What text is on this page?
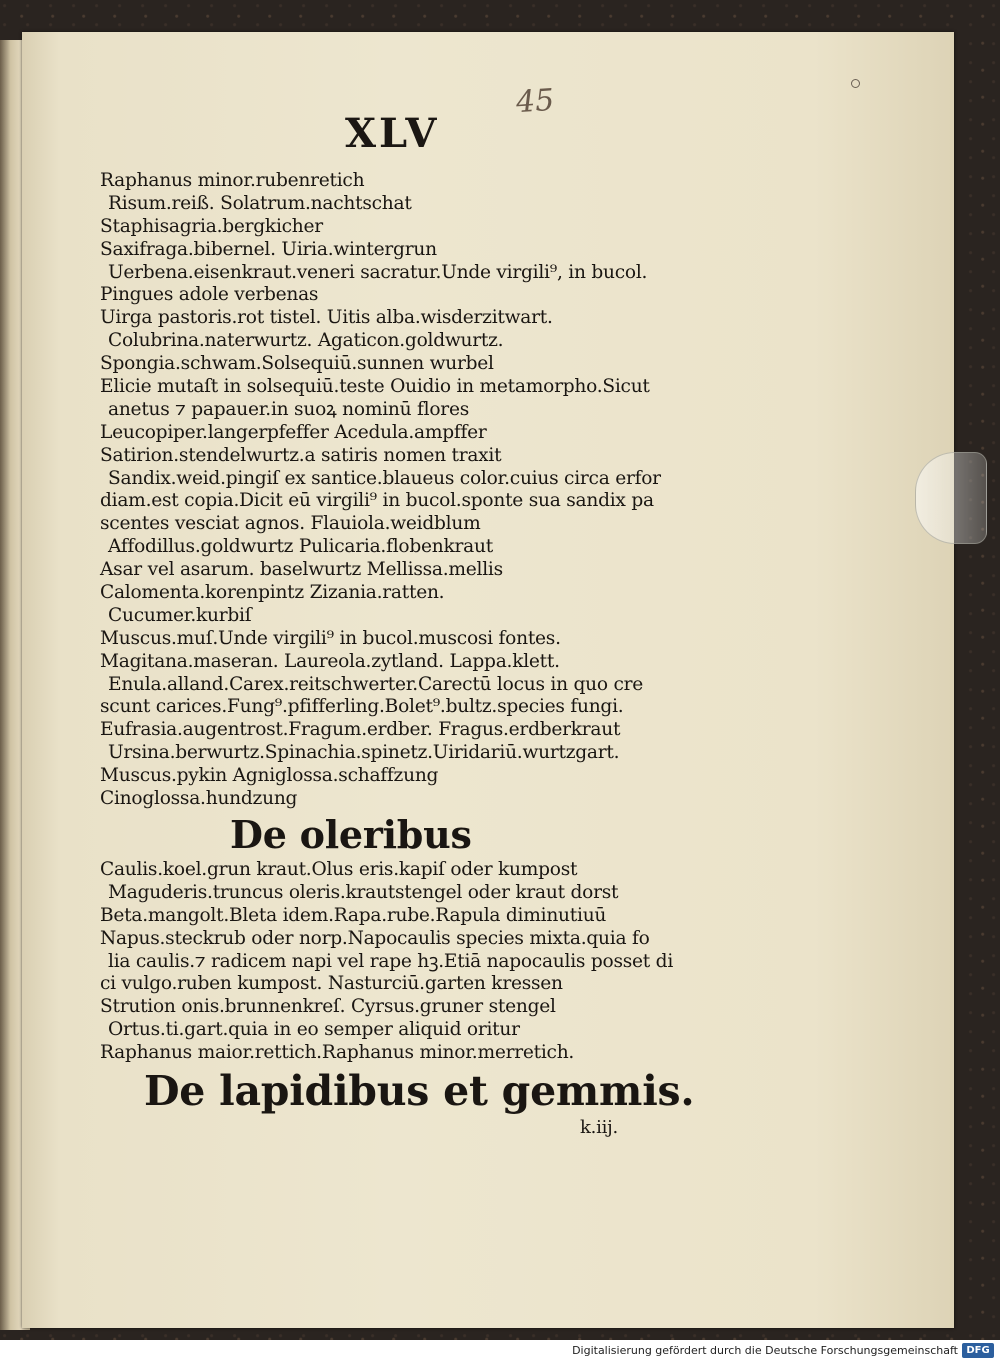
XLV
45
Raphanus minor.rubenretich
Risum.reiß. Solatrum.nachtschat
Staphisagria.bergkicher
Saxifraga.bibernel. Uiria.wintergrun
Uerbena.eisenkraut.veneri sacratur.Unde virgili⁹, in bucol.
Pingues adole verbenas
Uirga pastoris.rot tistel. Uitis alba.wisderzitwart.
Colubrina.naterwurtz. Agaticon.goldwurtz.
Spongia.schwam.Solsequiū.sunnen wurbel
Elicie mutaſt in solsequiū.teste Ouidio in metamorpho.Sicut
anetus ⁊ papauer.in suoꝝ nominū flores
Leucopiper.langerpfeffer Acedula.ampffer
Satirion.stendelwurtz.a satiris nomen traxit
Sandix.weid.pingiſ ex santice.blaueus color.cuius circa erfor
diam.est copia.Dicit eū virgili⁹ in bucol.sponte sua sandix pa
scentes vesciat agnos. Flauiola.weidblum
Affodillus.goldwurtz Pulicaria.flobenkraut
Asar vel asarum. baselwurtz Mellissa.mellis
Calomenta.korenpintz Zizania.ratten.
Cucumer.kurbiſ
Muscus.muſ.Unde virgili⁹ in bucol.muscosi fontes.
Magitana.maseran. Laureola.zytland. Lappa.klett.
Enula.alland.Carex.reitschwerter.Carectū locus in quo cre
scunt carices.Fung⁹.pfifferling.Bolet⁹.bultz.species fungi.
Eufrasia.augentrost.Fragum.erdber. Fragus.erdberkraut
Ursina.berwurtz.Spinachia.spinetz.Uiridariū.wurtzgart.
Muscus.pykin Agniglossa.schaffzung
Cinoglossa.hundzung
De oleribus
Caulis.koel.grun kraut.Olus eris.kapiſ oder kumpost
Maguderis.truncus oleris.krautstengel oder kraut dorst
Beta.mangolt.Bleta idem.Rapa.rube.Rapula diminutiuū
Napus.steckrub oder norp.Napocaulis species mixta.quia fo
lia caulis.⁊ radicem napi vel rape hꝫ.Etiā napocaulis posset di
ci vulgo.ruben kumpost. Nasturciū.garten kressen
Strution onis.brunnenkreſ. Cyrsus.gruner stengel
Ortus.ti.gart.quia in eo semper aliquid oritur
Raphanus maior.rettich.Raphanus minor.merretich.
De lapidibus et gemmis.
k.iij.
Digitalisierung gefördert durch die Deutsche Forschungsgemeinschaft DFG
